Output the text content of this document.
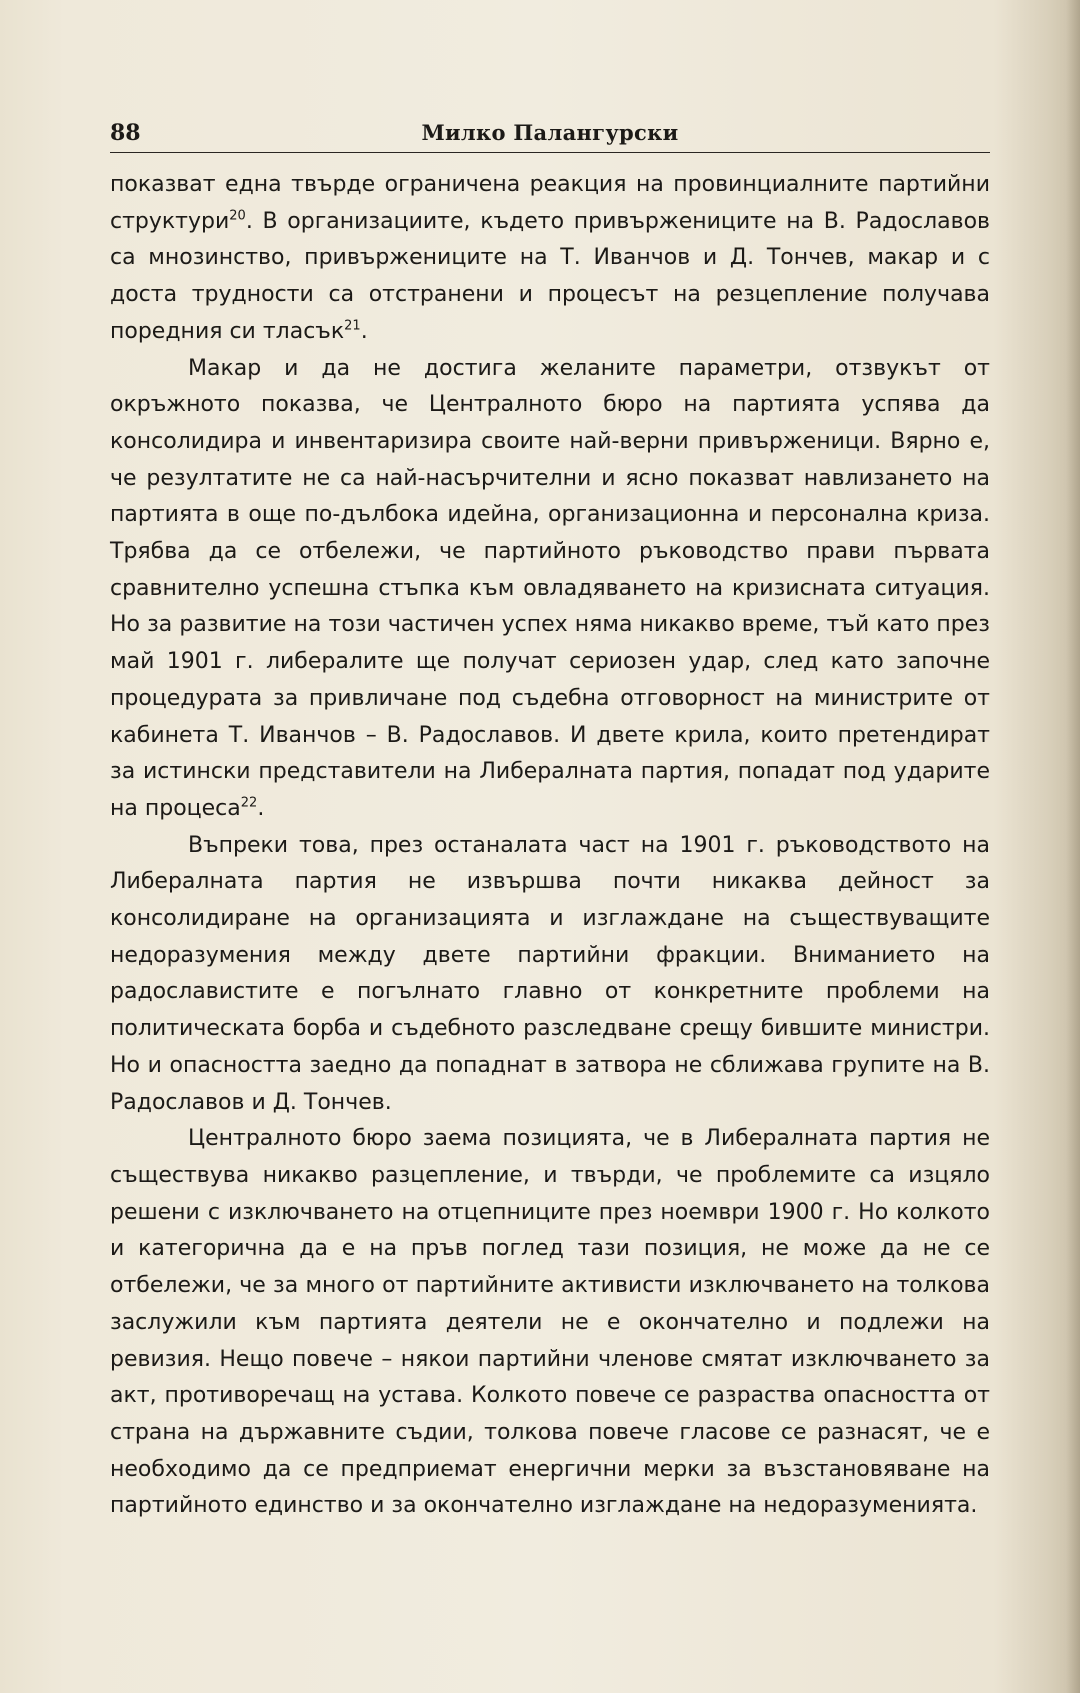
88	Милко Палангурски

показват една твърде ограничена реакция на провинциалните партийни структури$^{20}$. В организациите, където привържениците на В. Радославов са мнозинство, привържениците на Т. Иванчов и Д. Тончев, макар и с доста трудности са отстранени и процесът на резцепление получава поредния си тласък$^{21}$.

Макар и да не достига желаните параметри, отзвукът от окръжното показва, че Централното бюро на партията успява да консолидира и инвентаризира своите най-верни привърженици. Вярно е, че резултатите не са най-насърчителни и ясно показват навлизането на партията в още по-дълбока идейна, организационна и персонална криза. Трябва да се отбележи, че партийното ръководство прави първата сравнително успешна стъпка към овладяването на кризисната ситуация. Но за развитие на този частичен успех няма никакво време, тъй като през май 1901 г. либералите ще получат сериозен удар, след като започне процедурата за привличане под съдебна отговорност на министрите от кабинета Т. Иванчов – В. Радославов. И двете крила, които претендират за истински представители на Либералната партия, попадат под ударите на процеса$^{22}$.

Въпреки това, през останалата част на 1901 г. ръководството на Либералната партия не извършва почти никаква дейност за консолидиране на организацията и изглаждане на съществуващите недоразумения между двете партийни фракции. Вниманието на радославистите е погълнато главно от конкретните проблеми на политическата борба и съдебното разследване срещу бившите министри. Но и опасността заедно да попаднат в затвора не сближава групите на В. Радославов и Д. Тончев.

Централното бюро заема позицията, че в Либералната партия не съществува никакво разцепление, и твърди, че проблемите са изцяло решени с изключването на отцепниците през ноември 1900 г. Но колкото и категорична да е на пръв поглед тази позиция, не може да не се отбележи, че за много от партийните активисти изключването на толкова заслужили към партията деятели не е окончателно и подлежи на ревизия. Нещо повече – някои партийни членове смятат изключването за акт, противоречащ на устава. Колкото повече се разраства опасността от страна на държавните съдии, толкова повече гласове се разнасят, че е необходимо да се предприемат енергични мерки за възстановяване на партийното единство и за окончателно изглаждане на недоразуменията.
